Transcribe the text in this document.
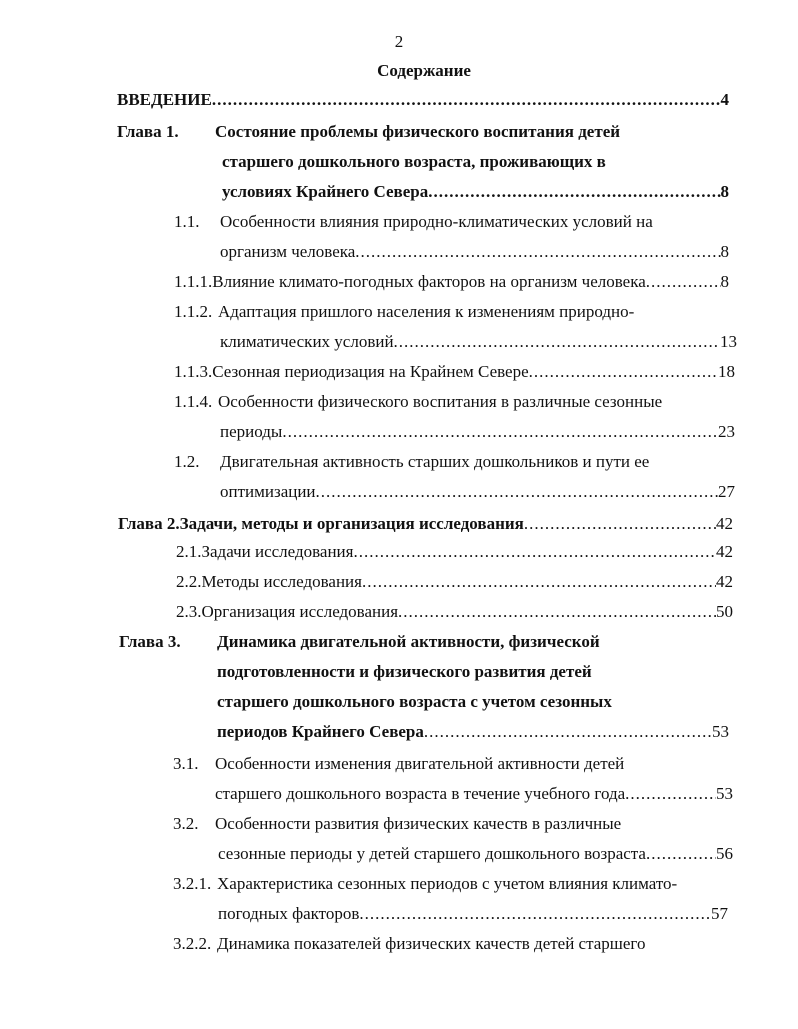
2
Содержание
ВВЕДЕНИЕ .....	4
Глава 1.	Состояние проблемы физического воспитания детей
старшего дошкольного возраста, проживающих в
условиях Крайнего Севера .....	8
1.1.	Особенности влияния природно-климатических условий на
организм человека .....	8
1.1.1. Влияние климато-погодных факторов на организм человека .....	8
1.1.2. Адаптация пришлого населения к изменениям природно-
климатических условий .....	13
1.1.3. Сезонная периодизация на Крайнем Севере .....	18
1.1.4. Особенности физического воспитания в различные сезонные
периоды .....	23
1.2.	Двигательная активность старших дошкольников и пути ее
оптимизации .....	27
Глава 2. Задачи, методы и организация исследования .....	42
2.1. Задачи исследования .....	42
2.2. Методы исследования .....	42
2.3. Организация исследования .....	50
Глава 3.	Динамика двигательной активности, физической
подготовленности и физического развития детей
старшего дошкольного возраста с учетом сезонных
периодов Крайнего Севера .....	53
3.1. Особенности изменения двигательной активности детей
старшего дошкольного возраста в течение учебного года .....	53
3.2. Особенности развития физических качеств в различные
сезонные периоды у детей старшего дошкольного возраста .....	56
3.2.1. Характеристика сезонных периодов с учетом влияния климато-
погодных факторов .....	57
3.2.2. Динамика показателей физических качеств детей старшего
